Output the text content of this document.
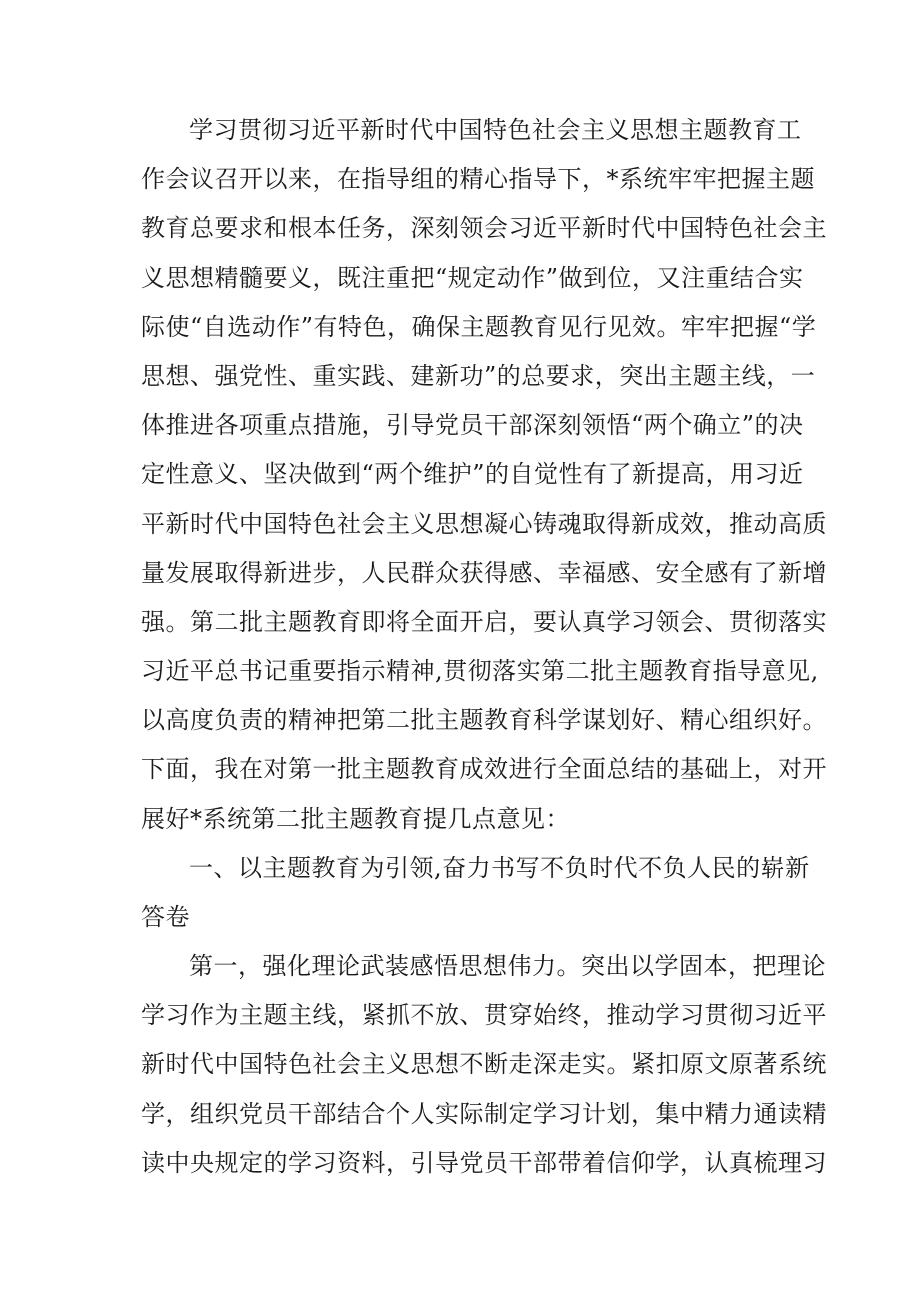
学习贯彻习近平新时代中国特色社会主义思想主题教育工
作会议召开以来，在指导组的精心指导下，*系统牢牢把握主题
教育总要求和根本任务，深刻领会习近平新时代中国特色社会主
义思想精髓要义，既注重把“规定动作”做到位，又注重结合实
际使“自选动作”有特色，确保主题教育见行见效。牢牢把握“学
思想、强党性、重实践、建新功”的总要求，突出主题主线，一
体推进各项重点措施，引导党员干部深刻领悟“两个确立”的决
定性意义、坚决做到“两个维护”的自觉性有了新提高，用习近
平新时代中国特色社会主义思想凝心铸魂取得新成效，推动高质
量发展取得新进步，人民群众获得感、幸福感、安全感有了新增
强。第二批主题教育即将全面开启，要认真学习领会、贯彻落实
习近平总书记重要指示精神,贯彻落实第二批主题教育指导意见,
以高度负责的精神把第二批主题教育科学谋划好、精心组织好。
下面，我在对第一批主题教育成效进行全面总结的基础上，对开
展好*系统第二批主题教育提几点意见：
一、以主题教育为引领,奋力书写不负时代不负人民的崭新
答卷
第一，强化理论武装感悟思想伟力。突出以学固本，把理论
学习作为主题主线，紧抓不放、贯穿始终，推动学习贯彻习近平
新时代中国特色社会主义思想不断走深走实。紧扣原文原著系统
学，组织党员干部结合个人实际制定学习计划，集中精力通读精
读中央规定的学习资料，引导党员干部带着信仰学，认真梳理习
